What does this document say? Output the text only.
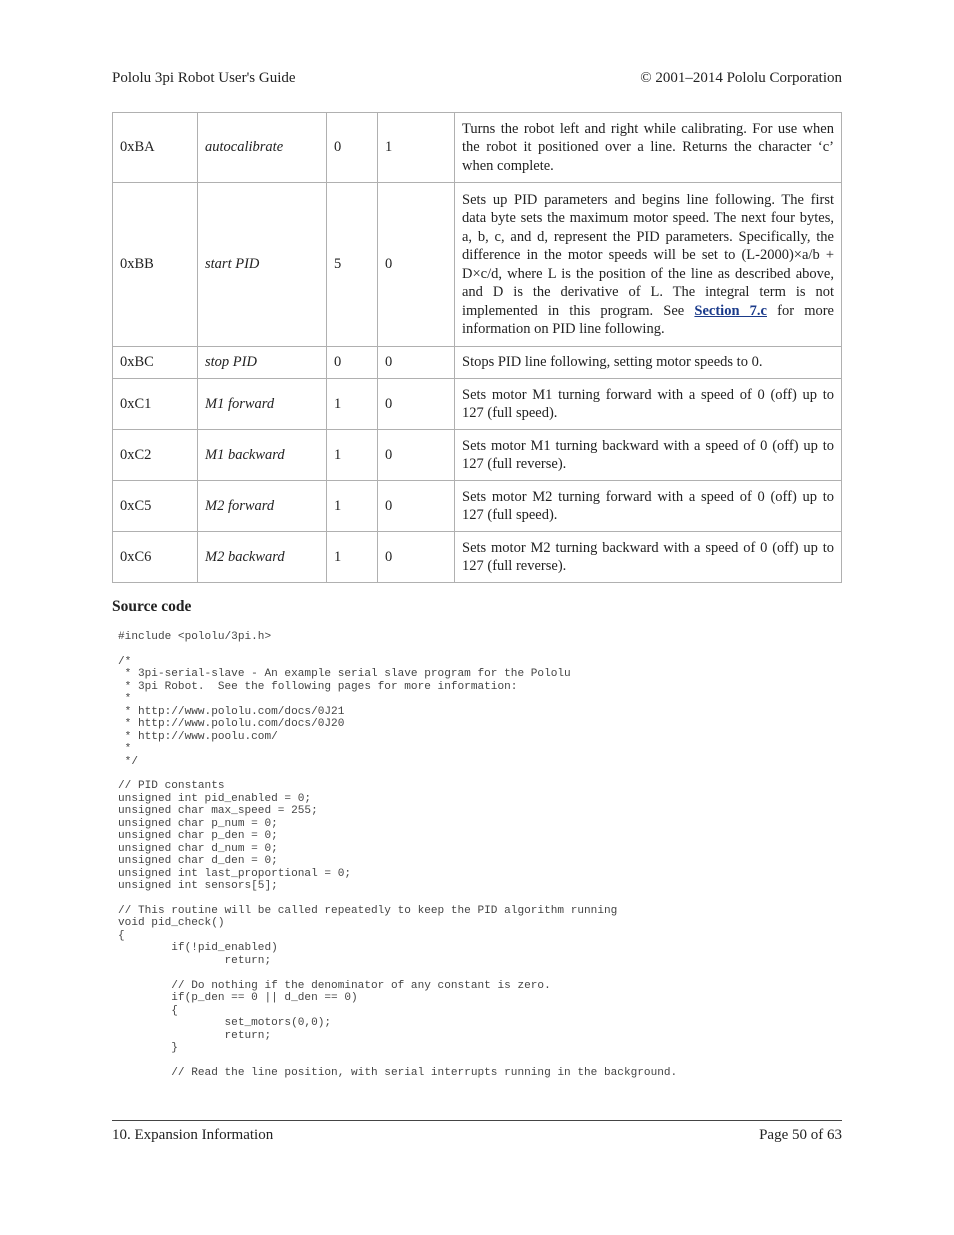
Pololu 3pi Robot User's Guide	© 2001–2014 Pololu Corporation
0xBA	autocalibrate	0	1	Turns the robot left and right while calibrating. For use when the robot it positioned over a line. Returns the character ‘c’ when complete.
0xBB	start PID	5	0	Sets up PID parameters and begins line following. The first data byte sets the maximum motor speed. The next four bytes, a, b, c, and d, represent the PID parameters. Specifically, the difference in the motor speeds will be set to (L-2000)×a/b + D×c/d, where L is the position of the line as described above, and D is the derivative of L. The integral term is not implemented in this program. See Section 7.c for more information on PID line following.
0xBC	stop PID	0	0	Stops PID line following, setting motor speeds to 0.
0xC1	M1 forward	1	0	Sets motor M1 turning forward with a speed of 0 (off) up to 127 (full speed).
0xC2	M1 backward	1	0	Sets motor M1 turning backward with a speed of 0 (off) up to 127 (full reverse).
0xC5	M2 forward	1	0	Sets motor M2 turning forward with a speed of 0 (off) up to 127 (full speed).
0xC6	M2 backward	1	0	Sets motor M2 turning backward with a speed of 0 (off) up to 127 (full reverse).
Source code
#include <pololu/3pi.h>

/*
* 3pi-serial-slave - An example serial slave program for the Pololu
* 3pi Robot.  See the following pages for more information:
*
* http://www.pololu.com/docs/0J21
* http://www.pololu.com/docs/0J20
* http://www.poolu.com/
*
*/

// PID constants
unsigned int pid_enabled = 0;
unsigned char max_speed = 255;
unsigned char p_num = 0;
unsigned char p_den = 0;
unsigned char d_num = 0;
unsigned char d_den = 0;
unsigned int last_proportional = 0;
unsigned int sensors[5];

// This routine will be called repeatedly to keep the PID algorithm running
void pid_check()
{
if(!pid_enabled)
return;

// Do nothing if the denominator of any constant is zero.
if(p_den == 0 || d_den == 0)
{
set_motors(0,0);
return;
}

// Read the line position, with serial interrupts running in the background.
10. Expansion Information	Page 50 of 63
